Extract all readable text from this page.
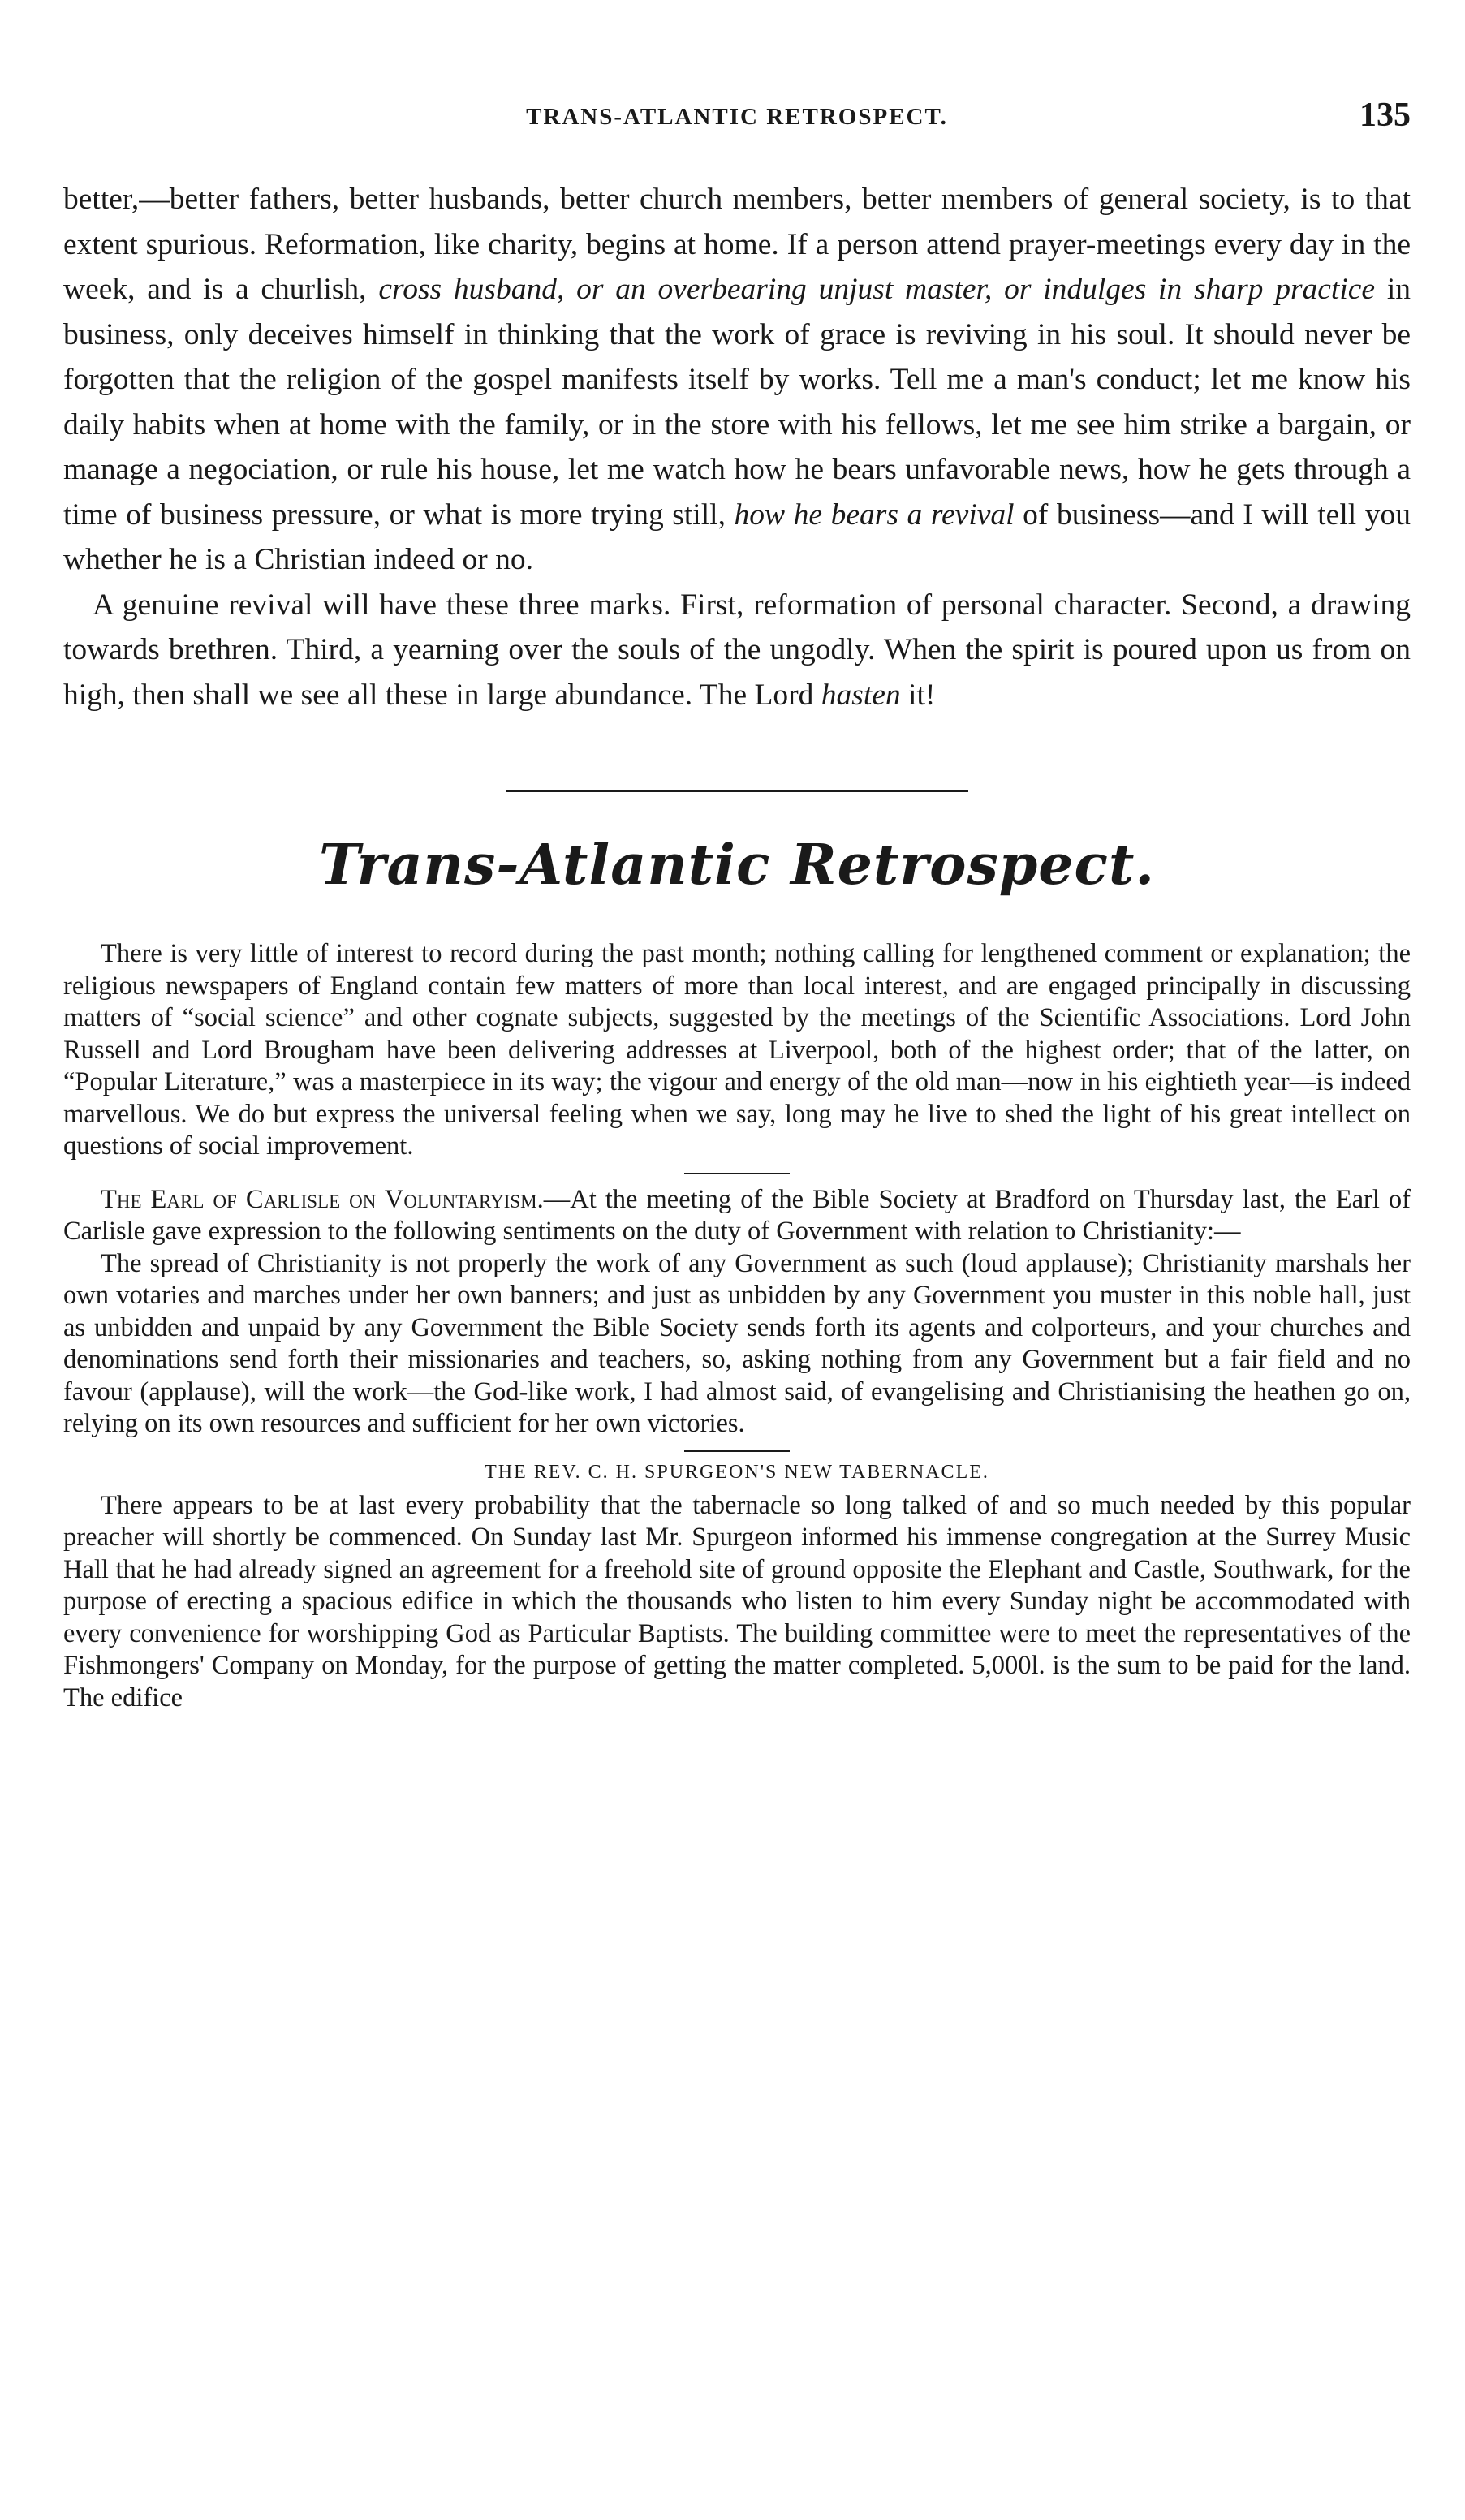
TRANS-ATLANTIC RETROSPECT.	135

better,—better fathers, better husbands, better church members, better members of general society, is to that extent spurious. Reformation, like charity, begins at home. If a person attend prayer-meetings every day in the week, and is a churlish, cross husband, or an overbearing unjust master, or indulges in sharp practice in business, only deceives himself in thinking that the work of grace is reviving in his soul. It should never be forgotten that the religion of the gospel manifests itself by works. Tell me a man's conduct; let me know his daily habits when at home with the family, or in the store with his fellows, let me see him strike a bargain, or manage a negociation, or rule his house, let me watch how he bears unfavorable news, how he gets through a time of business pressure, or what is more trying still, how he bears a revival of business—and I will tell you whether he is a Christian indeed or no.

A genuine revival will have these three marks. First, reformation of personal character. Second, a drawing towards brethren. Third, a yearning over the souls of the ungodly. When the spirit is poured upon us from on high, then shall we see all these in large abundance. The Lord hasten it!

Trans-Atlantic Retrospect.

There is very little of interest to record during the past month; nothing calling for lengthened comment or explanation; the religious newspapers of England contain few matters of more than local interest, and are engaged principally in discussing matters of “social science” and other cognate subjects, suggested by the meetings of the Scientific Associations. Lord John Russell and Lord Brougham have been delivering addresses at Liverpool, both of the highest order; that of the latter, on “Popular Literature,” was a masterpiece in its way; the vigour and energy of the old man—now in his eightieth year—is indeed marvellous. We do but express the universal feeling when we say, long may he live to shed the light of his great intellect on questions of social improvement.

The Earl of Carlisle on Voluntaryism.—At the meeting of the Bible Society at Bradford on Thursday last, the Earl of Carlisle gave expression to the following sentiments on the duty of Government with relation to Christianity:—

The spread of Christianity is not properly the work of any Government as such (loud applause); Christianity marshals her own votaries and marches under her own banners; and just as unbidden by any Government you muster in this noble hall, just as unbidden and unpaid by any Government the Bible Society sends forth its agents and colporteurs, and your churches and denominations send forth their missionaries and teachers, so, asking nothing from any Government but a fair field and no favour (applause), will the work—the God-like work, I had almost said, of evangelising and Christianising the heathen go on, relying on its own resources and sufficient for her own victories.

THE REV. C. H. SPURGEON'S NEW TABERNACLE.

There appears to be at last every probability that the tabernacle so long talked of and so much needed by this popular preacher will shortly be commenced. On Sunday last Mr. Spurgeon informed his immense congregation at the Surrey Music Hall that he had already signed an agreement for a freehold site of ground opposite the Elephant and Castle, Southwark, for the purpose of erecting a spacious edifice in which the thousands who listen to him every Sunday night be accommodated with every convenience for worshipping God as Particular Baptists. The building committee were to meet the representatives of the Fishmongers' Company on Monday, for the purpose of getting the matter completed. 5,000l. is the sum to be paid for the land. The edifice
